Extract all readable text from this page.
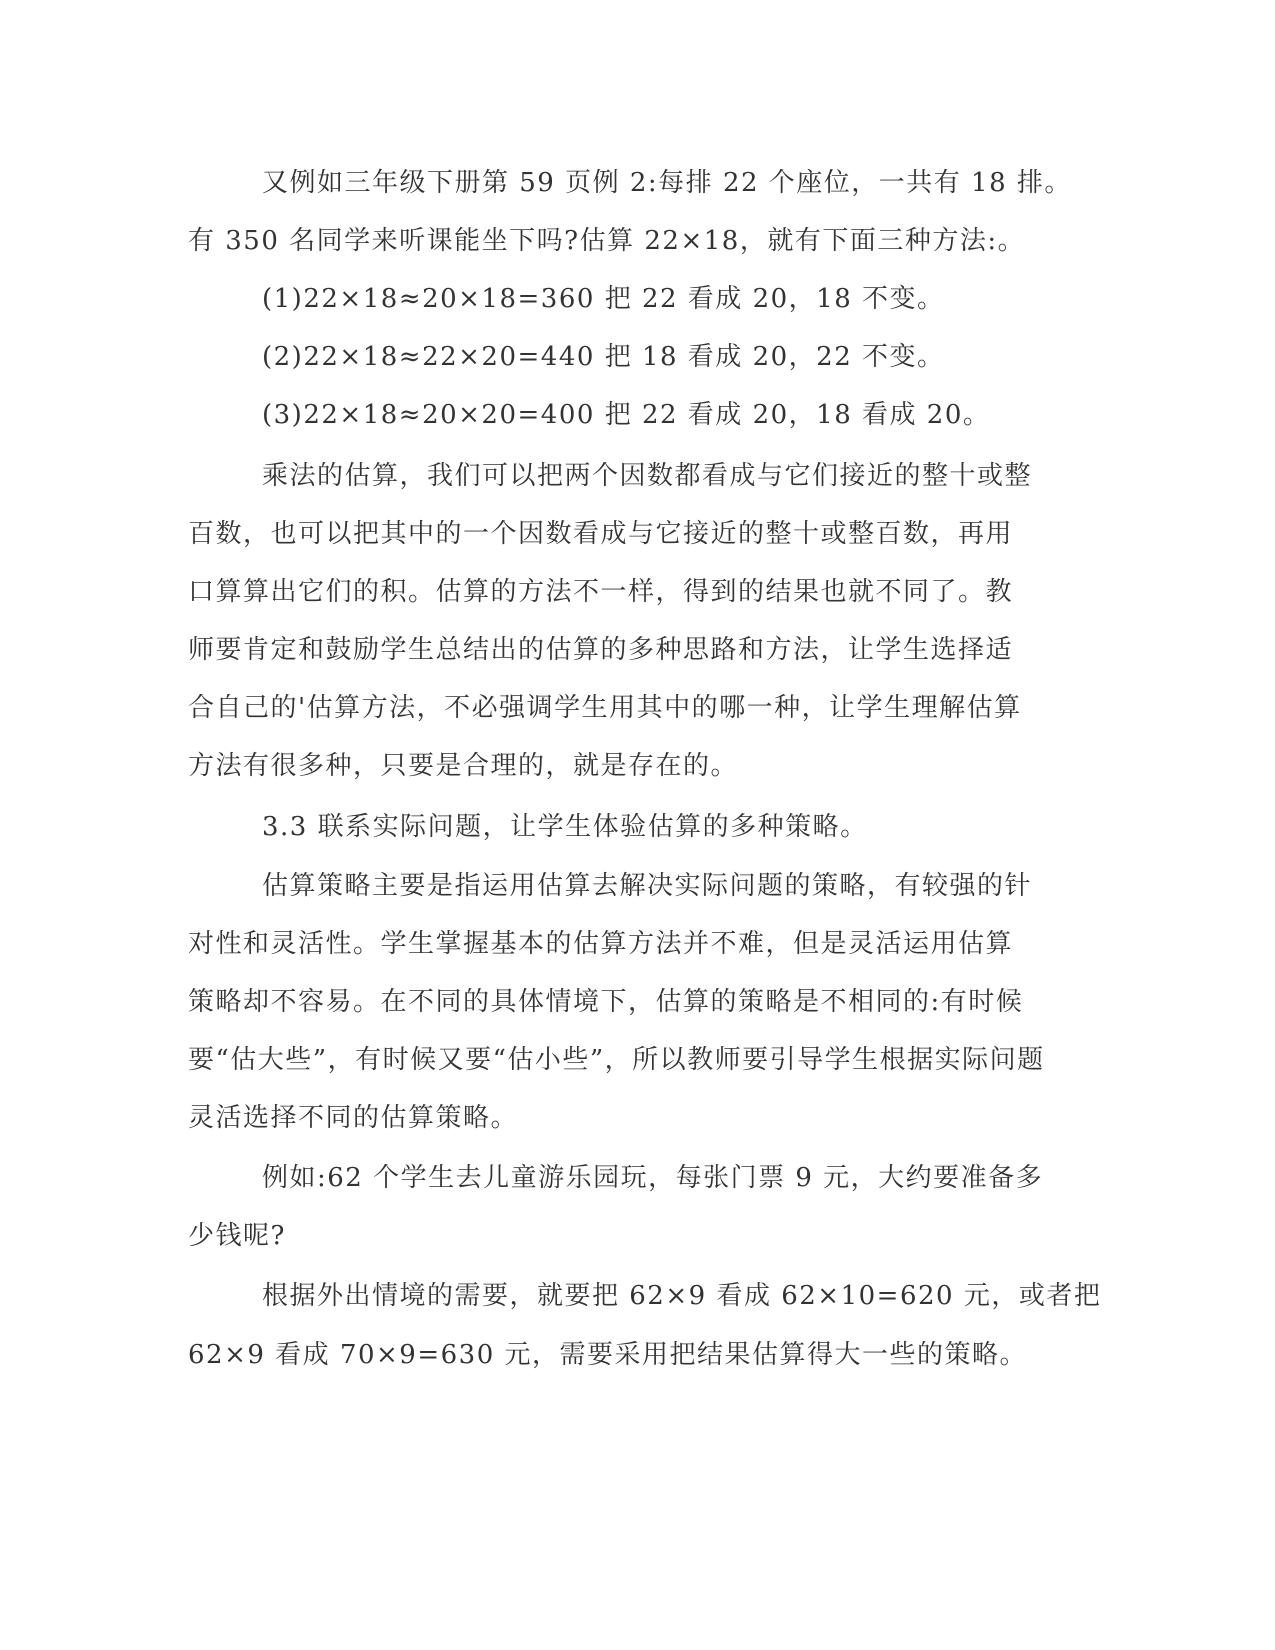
又例如三年级下册第 59 页例 2:每排 22 个座位，一共有 18 排。
有 350 名同学来听课能坐下吗?估算 22×18，就有下面三种方法:。
(1)22×18≈20×18=360 把 22 看成 20，18 不变。
(2)22×18≈22×20=440 把 18 看成 20，22 不变。
(3)22×18≈20×20=400 把 22 看成 20，18 看成 20。
乘法的估算，我们可以把两个因数都看成与它们接近的整十或整
百数，也可以把其中的一个因数看成与它接近的整十或整百数，再用
口算算出它们的积。估算的方法不一样，得到的结果也就不同了。教
师要肯定和鼓励学生总结出的估算的多种思路和方法，让学生选择适
合自己的'估算方法，不必强调学生用其中的哪一种，让学生理解估算
方法有很多种，只要是合理的，就是存在的。
3.3 联系实际问题，让学生体验估算的多种策略。
估算策略主要是指运用估算去解决实际问题的策略，有较强的针
对性和灵活性。学生掌握基本的估算方法并不难，但是灵活运用估算
策略却不容易。在不同的具体情境下，估算的策略是不相同的:有时候
要“估大些”，有时候又要“估小些”，所以教师要引导学生根据实际问题
灵活选择不同的估算策略。
例如:62 个学生去儿童游乐园玩，每张门票 9 元，大约要准备多
少钱呢?
根据外出情境的需要，就要把 62×9 看成 62×10=620 元，或者把
62×9 看成 70×9=630 元，需要采用把结果估算得大一些的策略。
